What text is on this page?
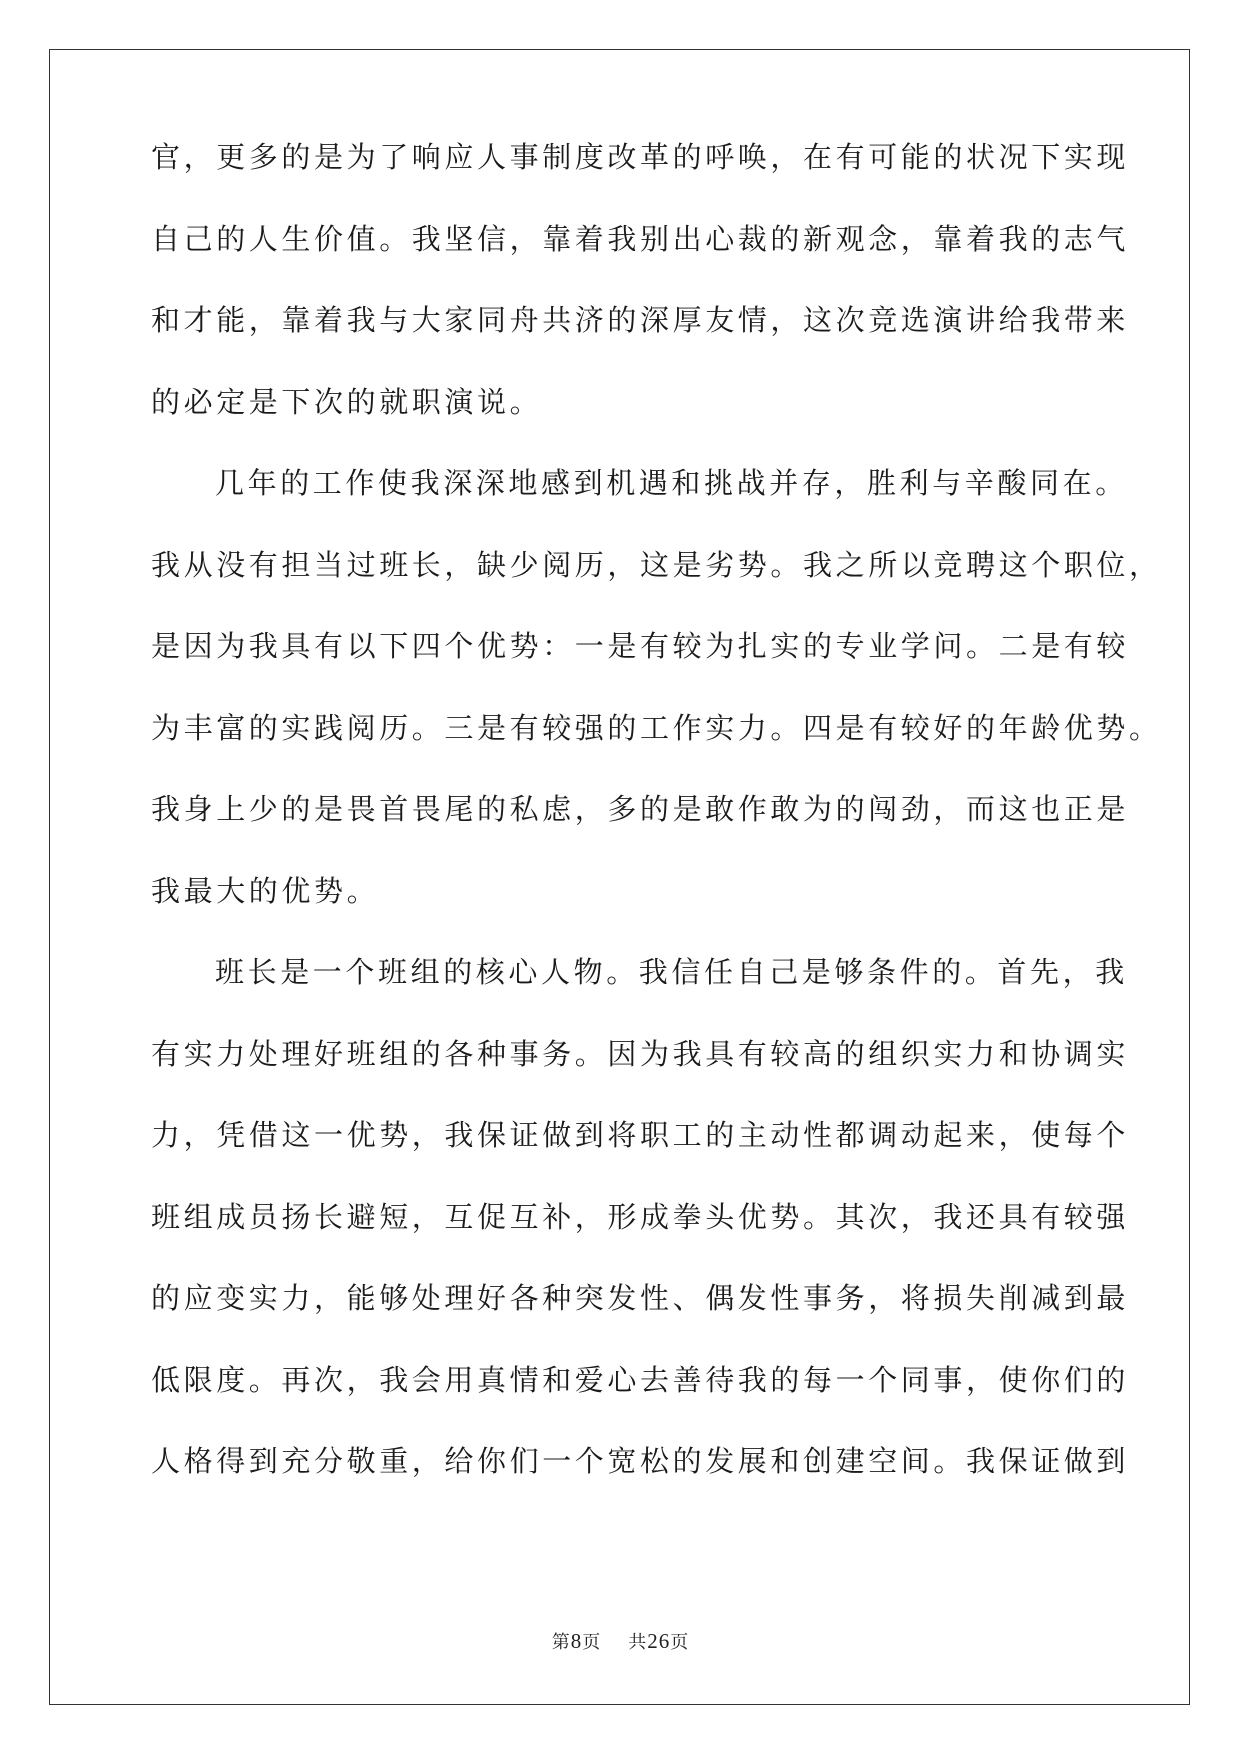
官，更多的是为了响应人事制度改革的呼唤，在有可能的状况下实现

自己的人生价值。我坚信，靠着我别出心裁的新观念，靠着我的志气

和才能，靠着我与大家同舟共济的深厚友情，这次竞选演讲给我带来

的必定是下次的就职演说。

几年的工作使我深深地感到机遇和挑战并存，胜利与辛酸同在。

我从没有担当过班长，缺少阅历，这是劣势。我之所以竞聘这个职位，

是因为我具有以下四个优势：一是有较为扎实的专业学问。二是有较

为丰富的实践阅历。三是有较强的工作实力。四是有较好的年龄优势。

我身上少的是畏首畏尾的私虑，多的是敢作敢为的闯劲，而这也正是

我最大的优势。

班长是一个班组的核心人物。我信任自己是够条件的。首先，我

有实力处理好班组的各种事务。因为我具有较高的组织实力和协调实

力，凭借这一优势，我保证做到将职工的主动性都调动起来，使每个

班组成员扬长避短，互促互补，形成拳头优势。其次，我还具有较强

的应变实力，能够处理好各种突发性、偶发性事务，将损失削减到最

低限度。再次，我会用真情和爱心去善待我的每一个同事，使你们的

人格得到充分敬重，给你们一个宽松的发展和创建空间。我保证做到

第8页 共26页
